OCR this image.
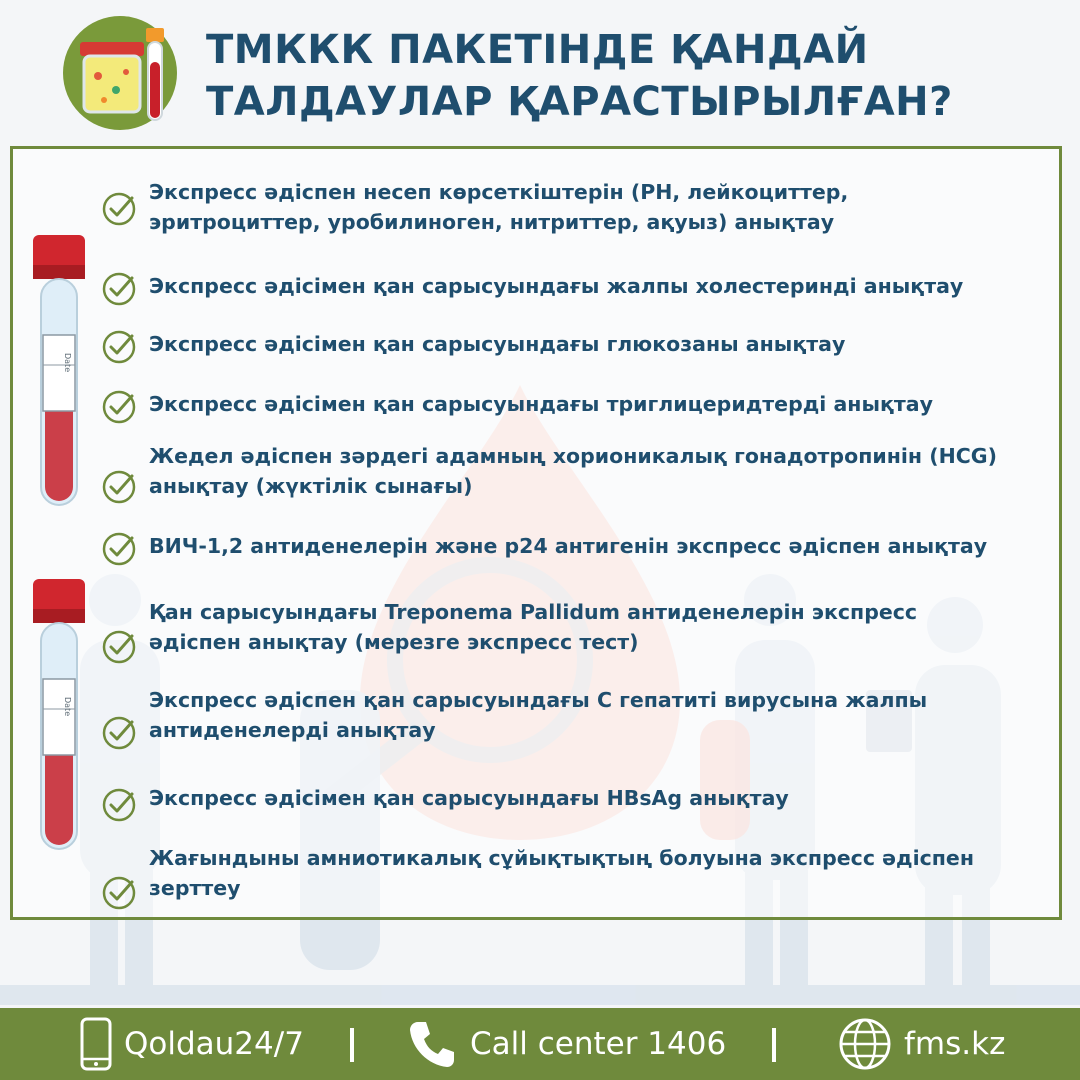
ТМККК ПАКЕТІНДЕ ҚАНДАЙ
ТАЛДАУЛАР ҚАРАСТЫРЫЛҒАН?
Date
Date
Экспресс әдіспен несеп көрсеткіштерін (РН, лейкоциттер,
эритроциттер, уробилиноген, нитриттер, ақуыз) анықтау
Экспресс әдісімен қан сарысуындағы жалпы холестеринді анықтау
Экспресс әдісімен қан сарысуындағы глюкозаны анықтау
Экспресс әдісімен қан сарысуындағы триглицеридтерді анықтау
Жедел әдіспен зәрдегі адамның хорионикалық гонадотропинін (HCG)
анықтау (жүктілік сынағы)
ВИЧ-1,2 антиденелерін және р24 антигенін экспресс әдіспен анықтау
Қан сарысуындағы Treponema Pallidum антиденелерін экспресс
әдіспен анықтау (мерезге экспресс тест)
Экспресс әдіспен қан сарысуындағы С гепатиті вирусына жалпы
антиденелерді анықтау
Экспресс әдісімен қан сарысуындағы HBsAg анықтау
Жағындыны амниотикалық сұйықтықтың болуына экспресс әдіспен
зерттеу
Qoldau24/7	Call center 1406	fms.kz
